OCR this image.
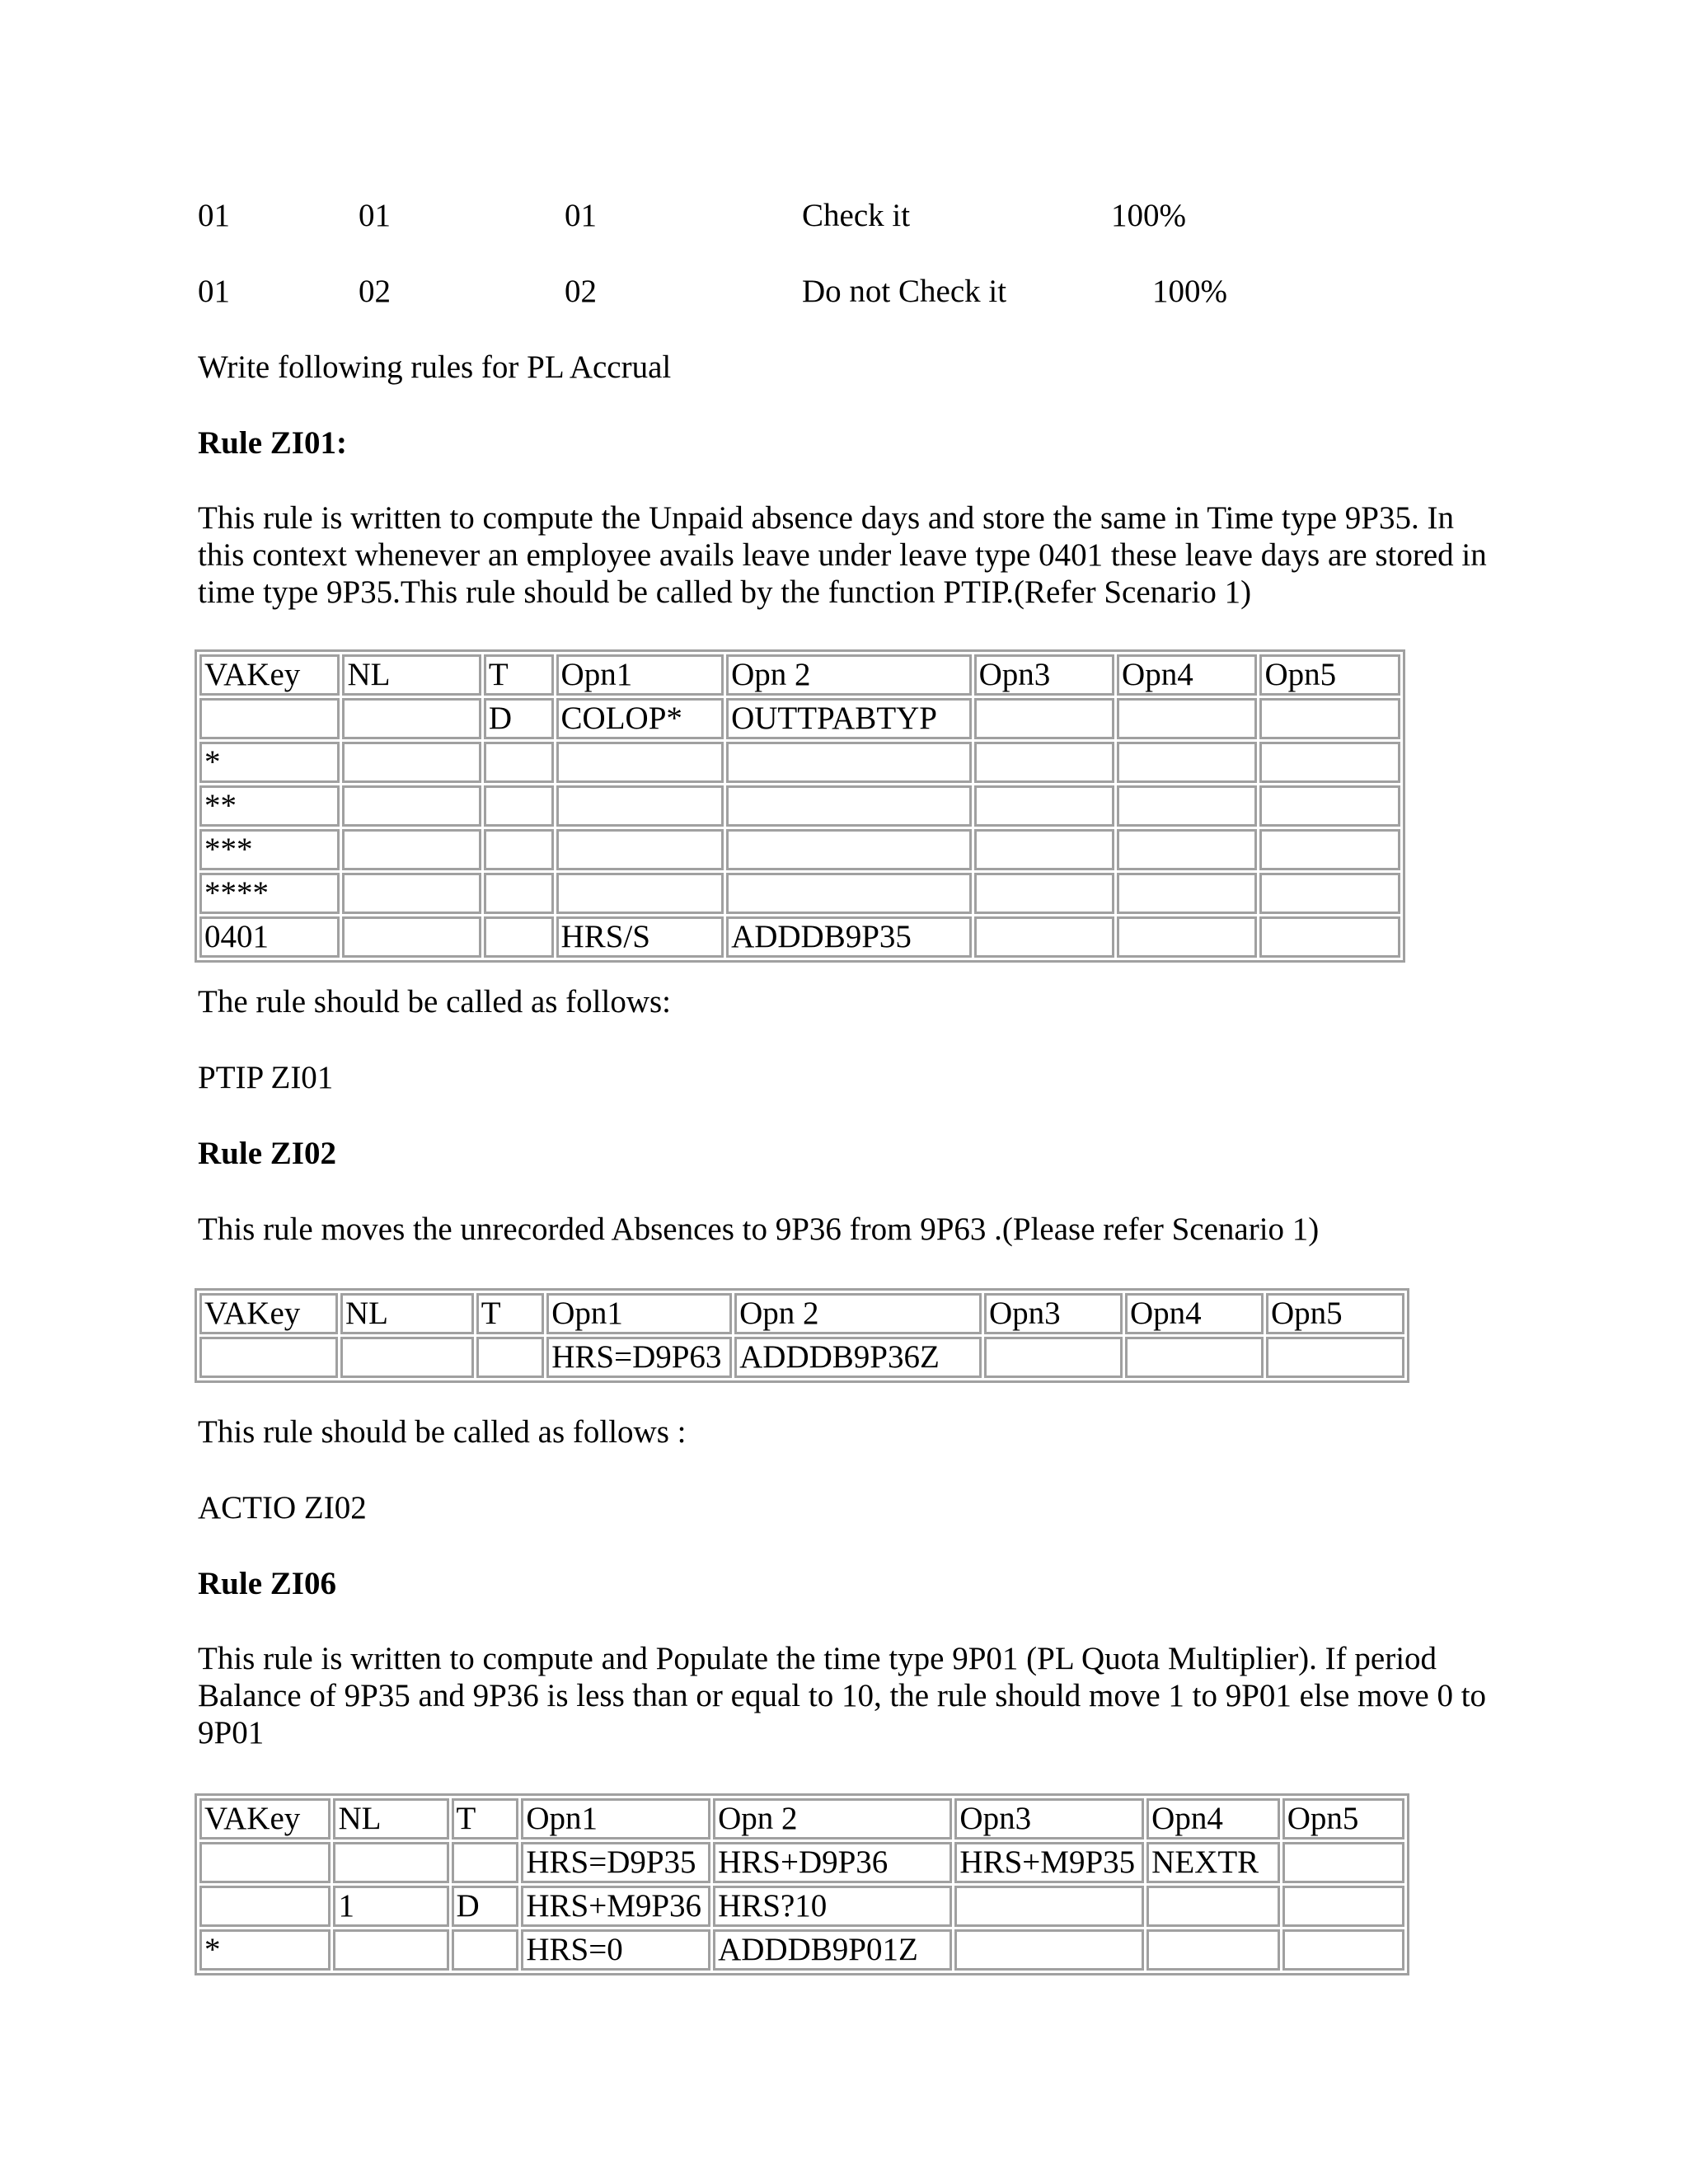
01	01	01	Check it	100%
01	02	02	Do not Check it	100%
Write following rules for PL Accrual
Rule ZI01:
This rule is written to compute the Unpaid absence days and store the same in Time type 9P35. In this context whenever an employee avails leave under leave type 0401 these leave days are stored in time type 9P35.This rule should be called by the function PTIP.(Refer Scenario 1)
VAKey	NL	T	Opn1	Opn 2	Opn3	Opn4	Opn5
		D	COLOP*	OUTTPABTYP			
*							
**							
***							
****							
0401			HRS/S	ADDDB9P35			
The rule should be called as follows:
PTIP ZI01
Rule ZI02
This rule moves the unrecorded Absences to 9P36 from 9P63 .(Please refer Scenario 1)
VAKey	NL	T	Opn1	Opn 2	Opn3	Opn4	Opn5
			HRS=D9P63	ADDDB9P36Z			
This rule should be called as follows :
ACTIO ZI02
Rule ZI06
This rule is written to compute and Populate the time type 9P01 (PL Quota Multiplier). If period Balance of 9P35 and 9P36 is less than or equal to 10, the rule should move 1 to 9P01 else move 0 to 9P01
VAKey	NL	T	Opn1	Opn 2	Opn3	Opn4	Opn5
			HRS=D9P35	HRS+D9P36	HRS+M9P35	NEXTR	
	1	D	HRS+M9P36	HRS?10			
*			HRS=0	ADDDB9P01Z			
